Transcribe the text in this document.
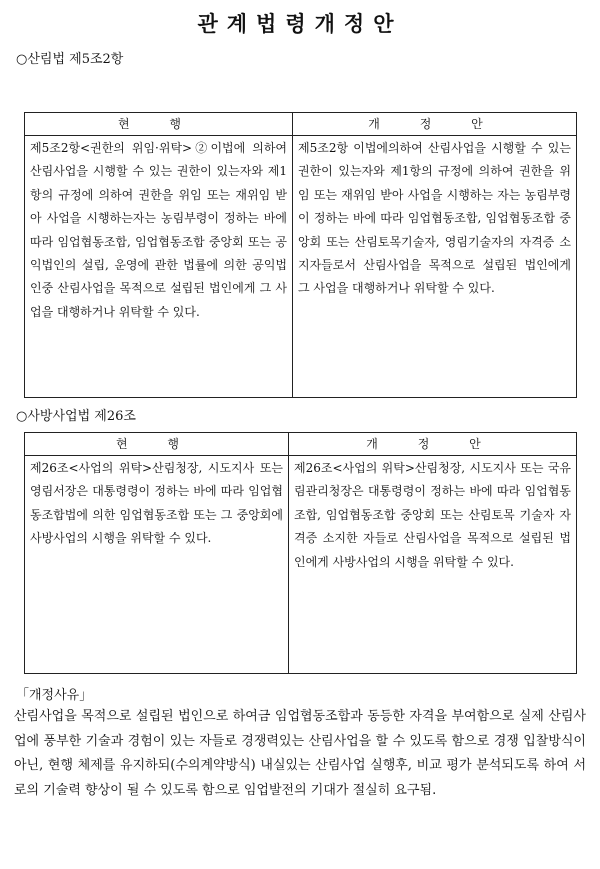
관계법령개정안
○산림법 제5조2항
현 행	개 정 안
제5조2항<권한의 위임·위탁>②이법에 의하여 산림사업을 시행할 수 있는 권한이 있는자와 제1항의 규정에 의하여 권한을 위임 또는 재위임 받아 사업을 시행하는자는 농림부령이 정하는 바에 따라 임업협동조합, 임업협동조합 중앙회 또는 공익법인의 설립, 운영에 관한 법률에 의한 공익법인중 산림사업을 목적으로 설립된 법인에게 그 사업을 대행하거나 위탁할 수 있다.	제5조2항 이법에의하여 산림사업을 시행할 수 있는 권한이 있는자와 제1항의 규정에 의하여 권한을 위임 또는 재위임 받아 사업을 시행하는 자는 농림부령이 정하는 바에 따라 임업협동조합, 임업협동조합 중앙회 또는 산림토목기술자, 영림기술자의 자격증 소지자들로서 산림사업을 목적으로 설립된 법인에게 그 사업을 대행하거나 위탁할 수 있다.
○사방사업법 제26조
현 행	개 정 안
제26조<사업의 위탁>산림청장, 시도지사 또는 영림서장은 대통령령이 정하는 바에 따라 임업협동조합법에 의한 임업협동조합 또는 그 중앙회에 사방사업의 시행을 위탁할 수 있다.	제26조<사업의 위탁>산림청장, 시도지사 또는 국유림관리청장은 대통령령이 정하는 바에 따라 임업협동조합, 임업협동조합 중앙회 또는 산림토목 기술자 자격증 소지한 자들로 산림사업을 목적으로 설립된 법인에게 사방사업의 시행을 위탁할 수 있다.
「개정사유」
산림사업을 목적으로 설립된 법인으로 하여금 임업협동조합과 동등한 자격을 부여함으로 실제 산림사업에 풍부한 기술과 경험이 있는 자들로 경쟁력있는 산림사업을 할 수 있도록 함으로 경쟁 입찰방식이 아닌, 현행 체제를 유지하되(수의계약방식) 내실있는 산림사업 실행후, 비교 평가 분석되도록 하여 서로의 기술력 향상이 될 수 있도록 함으로 임업발전의 기대가 절실히 요구됨.
